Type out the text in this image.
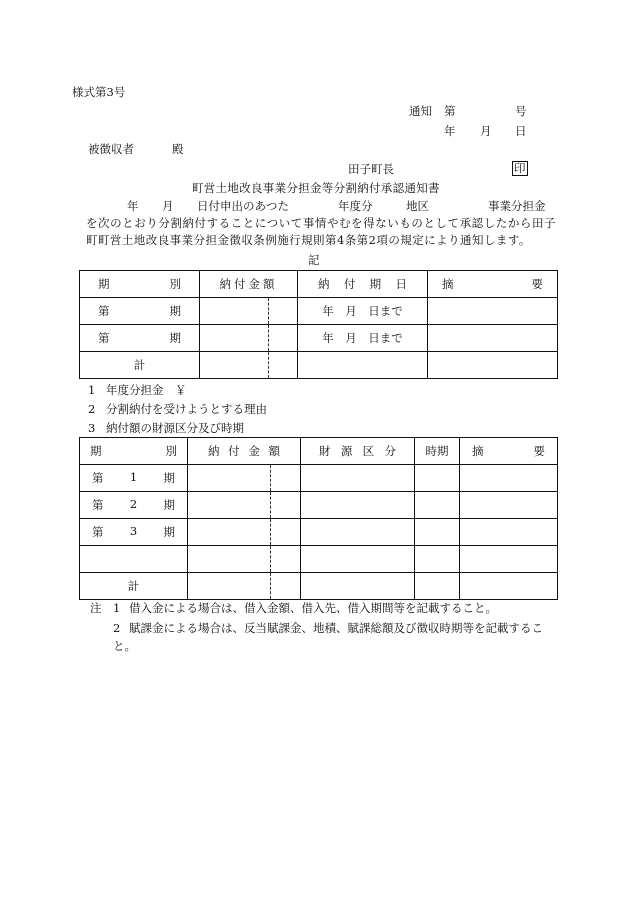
様式第3号
通知 第	号
年 月 日
被徴収者	殿
田子町長	印
町営土地改良事業分担金等分割納付承認通知書
年 月 日付申出のあつた	年度分	地区	事業分担金
を次のとおり分割納付することについて事情やむを得ないものとして承認したから田子町町営土地改良事業分担金徴収条例施行規則第4条第2項の規定により通知します。
記
期 別	納付金額		納 付 期 日	摘 要

第 期			年　月　日まで	

第 期			年　月　日まで	
計				
1 年度分担金　￥
2 分割納付を受けようとする理由
3 納付額の財源区分及び時期
期 別	納 付 金 額		財 源 区 分	時期	摘 要

第 1 期					

第 2 期					

第 3 期					

計					
注 1 借入金による場合は、借入金額、借入先、借入期間等を記載すること。
2 賦課金による場合は、反当賦課金、地積、賦課総額及び徴収時期等を記載するこ
と。
